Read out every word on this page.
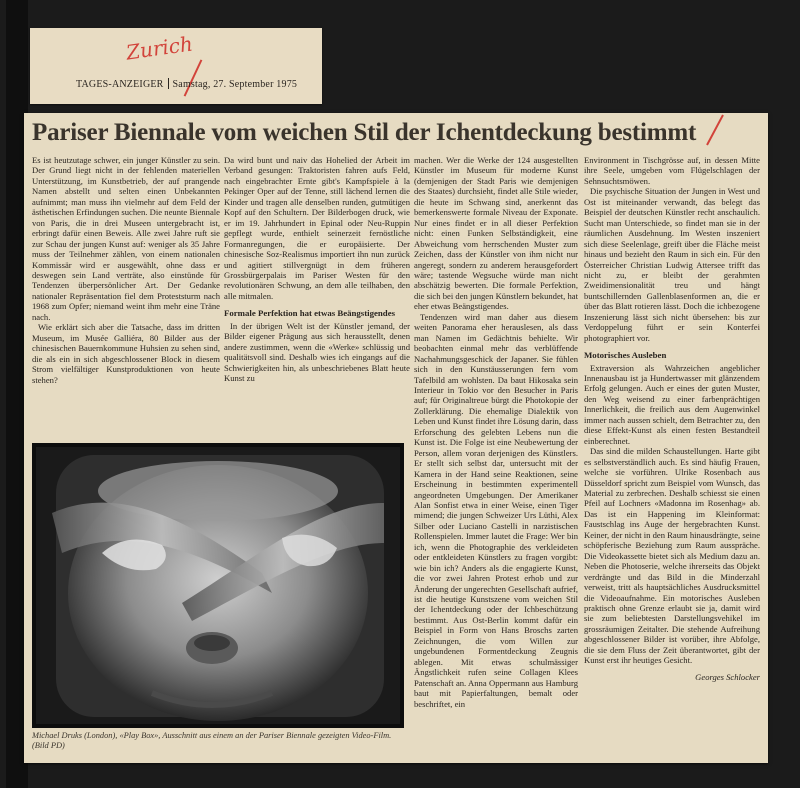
Zurich
TAGES-ANZEIGER Samstag, 27. September 1975
Pariser Biennale vom weichen Stil der Ichentdeckung bestimmt

Es ist heutzutage schwer, ein junger Künstler zu sein. Der Grund liegt nicht in der fehlenden materiellen Unterstützung, im Kunstbetrieb, der auf prangende Namen abstellt und selten einen Unbekannten aufnimmt; man muss ihn vielmehr auf dem Feld der ästhetischen Erfindungen suchen. Die neunte Biennale von Paris, die in drei Museen untergebracht ist, erbringt dafür einen Beweis. Alle zwei Jahre ruft sie zur Schau der jungen Kunst auf: weniger als 35 Jahre muss der Teilnehmer zählen, von einem nationalen Kommissär wird er ausgewählt, ohne dass er deswegen sein Land verträte, also einstünde für Tendenzen überpersönlicher Art. Der Gedanke nationaler Repräsentation fiel dem Proteststurm nach 1968 zum Opfer; niemand weint ihm mehr eine Träne nach.

Wie erklärt sich aber die Tatsache, dass im dritten Museum, im Musée Galliéra, 80 Bilder aus der chinesischen Bauernkommune Huhsien zu sehen sind, die als ein in sich abgeschlossener Block in diesem Strom vielfältiger Kunstproduktionen von heute stehen?

Da wird bunt und naiv das Hohelied der Arbeit im Verband gesungen: Traktoristen fahren aufs Feld, nach eingebrachter Ernte gibt's Kampfspiele à la Pekinger Oper auf der Tenne, still lächend lernen die Kinder und tragen alle denselben runden, gutmütigen Kopf auf den Schultern. Der Bilderbogen druck, wie er im 19. Jahrhundert in Epinal oder Neu-Ruppin gepflegt wurde, enthielt seinerzeit fernöstliche Formanregungen, die er europäisierte. Der chinesische Soz-Realismus importiert ihn nun zurück und agitiert stillvergnügt in dem früheren Grossbürgerpalais im Pariser Westen für den revolutionären Schwung, an dem alle teilhaben, den alle mitmalen.

Formale Perfektion hat etwas Beängstigendes

In der übrigen Welt ist der Künstler jemand, der Bilder eigener Prägung aus sich herausstellt, denen andere zustimmen, wenn die «Werke» schlüssig und qualitätsvoll sind. Deshalb wies ich eingangs auf die Schwierigkeiten hin, als unbeschriebenes Blatt heute Kunst zu

machen. Wer die Werke der 124 ausgestellten Künstler im Museum für moderne Kunst (demjenigen der Stadt Paris wie demjenigen des Staates) durchsieht, findet alle Stile wieder, die heute im Schwang sind, anerkennt das bemerkenswerte formale Niveau der Exponate. Nur eines findet er in all dieser Perfektion nicht: einen Funken Selbständigkeit, eine Abweichung vom herrschenden Muster zum Zeichen, dass der Künstler von ihm nicht nur angeregt, sondern zu anderem herausgefordert wäre; tastende Wegsuche würde man nicht abschätzig bewerten. Die formale Perfektion, die sich bei den jungen Künstlern bekundet, hat eher etwas Beängstigendes.

Tendenzen wird man daher aus diesem weiten Panorama eher herauslesen, als dass man Namen im Gedächtnis behielte. Wir beobachten einmal mehr das verblüffende Nachahmungsgeschick der Japaner. Sie fühlen sich in den Kunstäusserungen fern vom Tafelbild am wohlsten. Da baut Hikosaka sein Interieur in Tokio vor den Besucher in Paris auf; für Originaltreue bürgt die Photokopie der Zollerklärung. Die ehemalige Dialektik von Leben und Kunst findet ihre Lösung darin, dass Erforschung des gelebten Lebens nun die Kunst ist. Die Folge ist eine Neubewertung der Person, allem voran derjenigen des Künstlers. Er stellt sich selbst dar, untersucht mit der Kamera in der Hand seine Reaktionen, seine Erscheinung in bestimmten experimentell angeordneten Umgebungen. Der Amerikaner Alan Sonfist etwa in einer Weise, einen Tiger mimend; die jungen Schweizer Urs Lüthi, Alex Silber oder Luciano Castelli in narzistischen Rollenspielen. Immer lautet die Frage: Wer bin ich, wenn die Photographie des verkleideten oder entkleideten Künstlers zu fragen vorgibt: wie bin ich? Anders als die engagierte Kunst, die vor zwei Jahren Protest erhob und zur Änderung der ungerechten Gesellschaft aufrief, ist die heutige Kunstszene vom weichen Stil der Ichentdeckung oder der Ichbeschützung bestimmt. Aus Ost-Berlin kommt dafür ein Beispiel in Form von Hans Broschs zarten Zeichnungen, die vom Willen zur ungebundenen Formentdeckung Zeugnis ablegen. Mit etwas schulmässiger Ängstlichkeit rufen seine Collagen Klees Patenschaft an. Anna Oppermann aus Hamburg baut mit Papierfaltungen, bemalt oder beschriftet, ein

Environment in Tischgrösse auf, in dessen Mitte ihre Seele, umgeben vom Flügelschlagen der Sehnsuchtsmöwen.

Die psychische Situation der Jungen in West und Ost ist miteinander verwandt, das belegt das Beispiel der deutschen Künstler recht anschaulich. Sucht man Unterschiede, so findet man sie in der räumlichen Ausdehnung. Im Westen inszeniert sich diese Seelenlage, greift über die Fläche meist hinaus und bezieht den Raum in sich ein. Für den Österreicher Christian Ludwig Attersee trifft das nicht zu, er bleibt der gerahmten Zweidimensionalität treu und hängt buntschillernden Gallenblasenformen an, die er über das Blatt rotieren lässt. Doch die ichbezogene Inszenierung lässt sich nicht übersehen: bis zur Verdoppelung führt er sein Konterfei photographiert vor.

Motorisches Ausleben

Extraversion als Wahrzeichen angeblicher Innenausbau ist ja Hundertwasser mit glänzendem Erfolg gelungen. Auch er eines der guten Muster, den Weg weisend zu einer farbenprächtigen Innerlichkeit, die freilich aus dem Augenwinkel immer nach aussen schielt, dem Betrachter zu, den diese Effekt-Kunst als einen festen Bestandteil einberechnet.

Das sind die milden Schaustellungen. Harte gibt es selbstverständlich auch. Es sind häufig Frauen, welche sie vorführen. Ulrike Rosenbach aus Düsseldorf spricht zum Beispiel vom Wunsch, das Material zu zerbrechen. Deshalb schiesst sie einen Pfeil auf Lochners «Madonna im Rosenhag» ab. Das ist ein Happening im Kleinformat: Faustschlag ins Auge der hergebrachten Kunst. Keiner, der nicht in den Raum hinausdrängte, seine schöpferische Beziehung zum Raum ausspräche. Die Videokassette bietet sich als Medium dazu an. Neben die Photoserie, welche ihrerseits das Objekt verdrängte und das Bild in die Minderzahl verweist, tritt als hauptsächliches Ausdrucksmittel die Videoaufnahme. Ein motorisches Ausleben praktisch ohne Grenze erlaubt sie ja, damit wird sie zum beliebtesten Darstellungsvehikel im grossräumigen Zeitalter. Die stehende Aufreihung abgeschlossener Bilder ist vorüber, ihre Abfolge, die sie dem Fluss der Zeit überantwortet, gibt der Kunst erst ihr heutiges Gesicht.

Georges Schlocker
Michael Druks (London), «Play Box», Ausschnitt aus einem an der Pariser Biennale gezeigten Video-Film. (Bild PD)
